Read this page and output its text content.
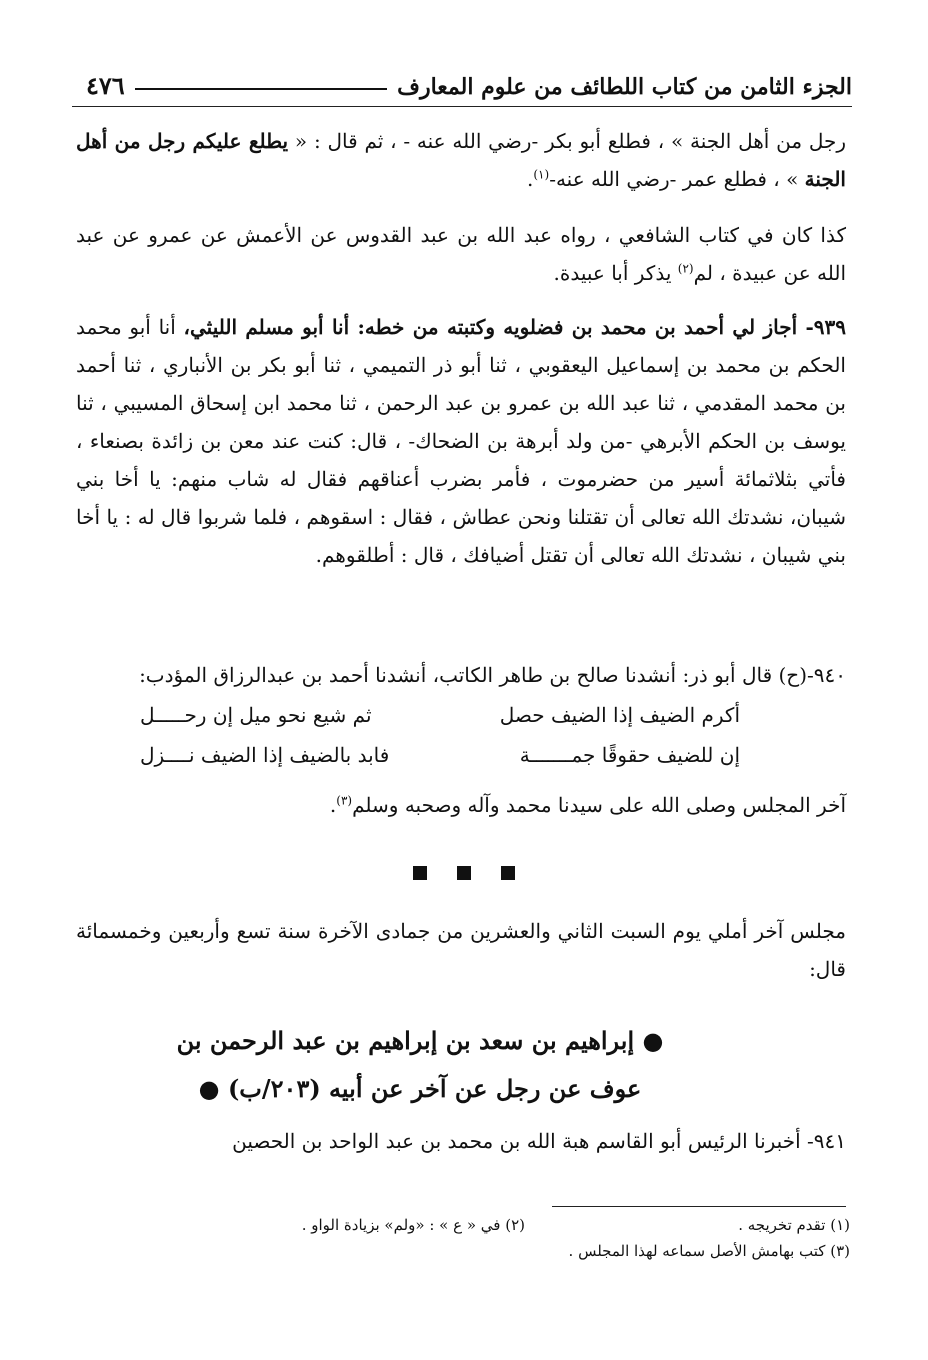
٤٧٦	الجزء الثامن من كتاب اللطائف من علوم المعارف

رجل من أهل الجنة » ، فطلع أبو بكر -رضي الله عنه - ، ثم قال : « يطلع عليكم رجل من أهل الجنة » ، فطلع عمر -رضي الله عنه-$^{(١)}$.

كذا كان في كتاب الشافعي ، رواه عبد الله بن عبد القدوس عن الأعمش عن عمرو عن عبد الله عن عبيدة ، لم$^{(٢)}$ يذكر أبا عبيدة.

٩٣٩- أجاز لي أحمد بن محمد بن فضلويه وكتبته من خطه: أنا أبو مسلم الليثي، أنا أبو محمد الحكم بن محمد بن إسماعيل اليعقوبي ، ثنا أبو ذر التميمي ، ثنا أبو بكر بن الأنباري ، ثنا أحمد بن محمد المقدمي ، ثنا عبد الله بن عمرو بن عبد الرحمن ، ثنا محمد ابن إسحاق المسيبي ، ثنا يوسف بن الحكم الأبرهي -من ولد أبرهة بن الضحاك- ، قال: كنت عند معن بن زائدة بصنعاء ، فأتي بثلاثمائة أسير من حضرموت ، فأمر بضرب أعناقهم فقال له شاب منهم: يا أخا بني شيبان، نشدتك الله تعالى أن تقتلنا ونحن عطاش ، فقال : اسقوهم ، فلما شربوا قال له : يا أخا بني شيبان ، نشدتك الله تعالى أن تقتل أضيافك ، قال : أطلقوهم.

٩٤٠-(ح) قال أبو ذر: أنشدنا صالح بن طاهر الكاتب، أنشدنا أحمد بن عبدالرزاق المؤدب:

أكرم الضيف إذا الضيف حصل
ثم شيع نحو ميل إن رحـــــل
إن للضيف حقوقًا جمـــــــة
فابد بالضيف إذا الضيف نــــزل

آخر المجلس وصلى الله على سيدنا محمد وآله وصحبه وسلم$^{(٣)}$.

مجلس آخر أملي يوم السبت الثاني والعشرين من جمادى الآخرة سنة تسع وأربعين وخمسمائة قال:

● إبراهيم بن سعد بن إبراهيم بن عبد الرحمن بن
عوف عن رجل عن آخر عن أبيه (٢٠٣/ب) ●

٩٤١- أخبرنا الرئيس أبو القاسم هبة الله بن محمد بن عبد الواحد بن الحصين

(١) تقدم تخريجه .
(٢) في « ع » : «ولم» بزيادة الواو .
(٣) كتب بهامش الأصل سماعه لهذا المجلس .
